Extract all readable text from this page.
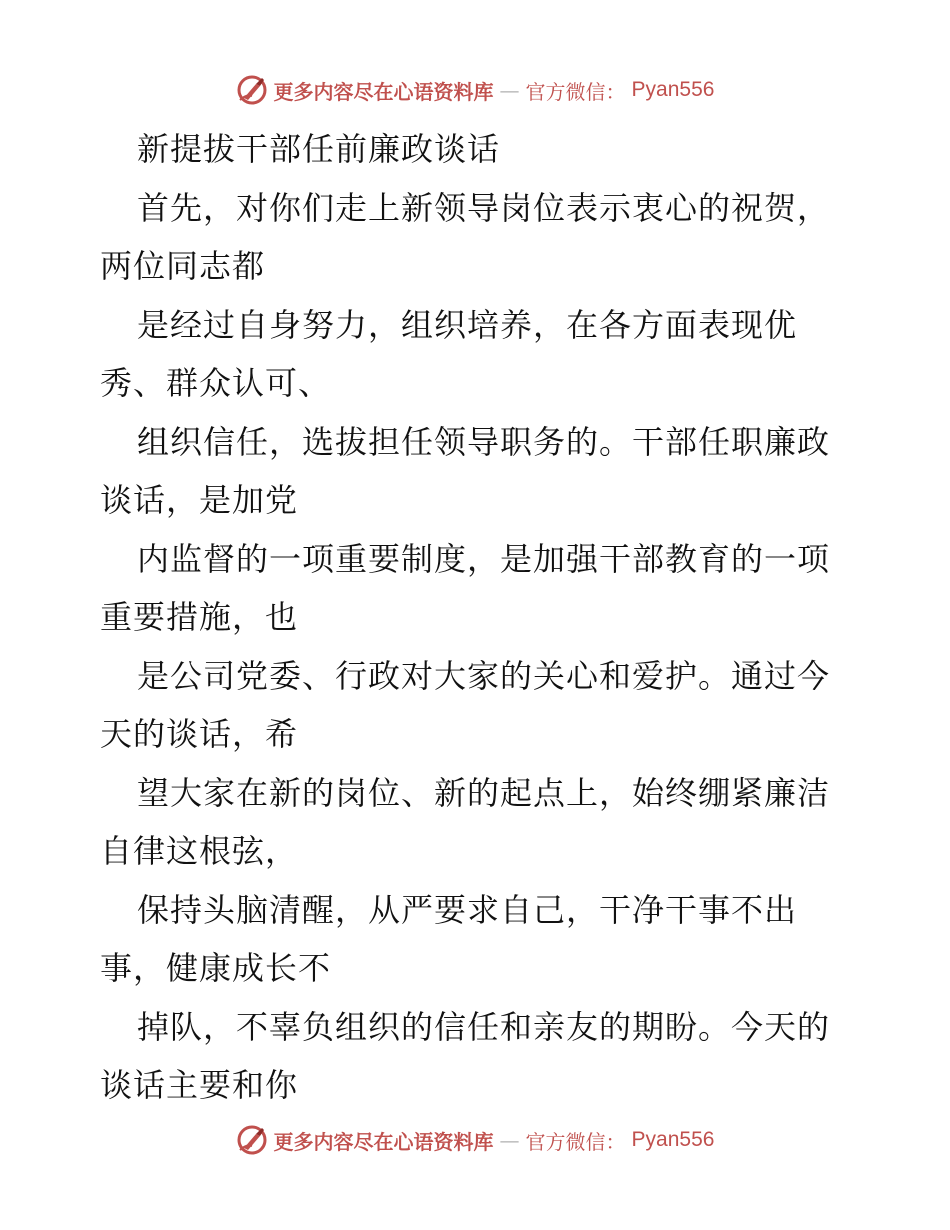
更多内容尽在心语资料库 — 官方微信： Pyan556
新提拔干部任前廉政谈话
首先，对你们走上新领导岗位表示衷心的祝贺，
两位同志都
是经过自身努力，组织培养，在各方面表现优
秀、群众认可、
组织信任，选拔担任领导职务的。干部任职廉政
谈话，是加党
内监督的一项重要制度，是加强干部教育的一项
重要措施，也
是公司党委、行政对大家的关心和爱护。通过今
天的谈话，希
望大家在新的岗位、新的起点上，始终绷紧廉洁
自律这根弦，
保持头脑清醒，从严要求自己，干净干事不出
事，健康成长不
掉队，不辜负组织的信任和亲友的期盼。今天的
谈话主要和你
更多内容尽在心语资料库 — 官方微信： Pyan556
